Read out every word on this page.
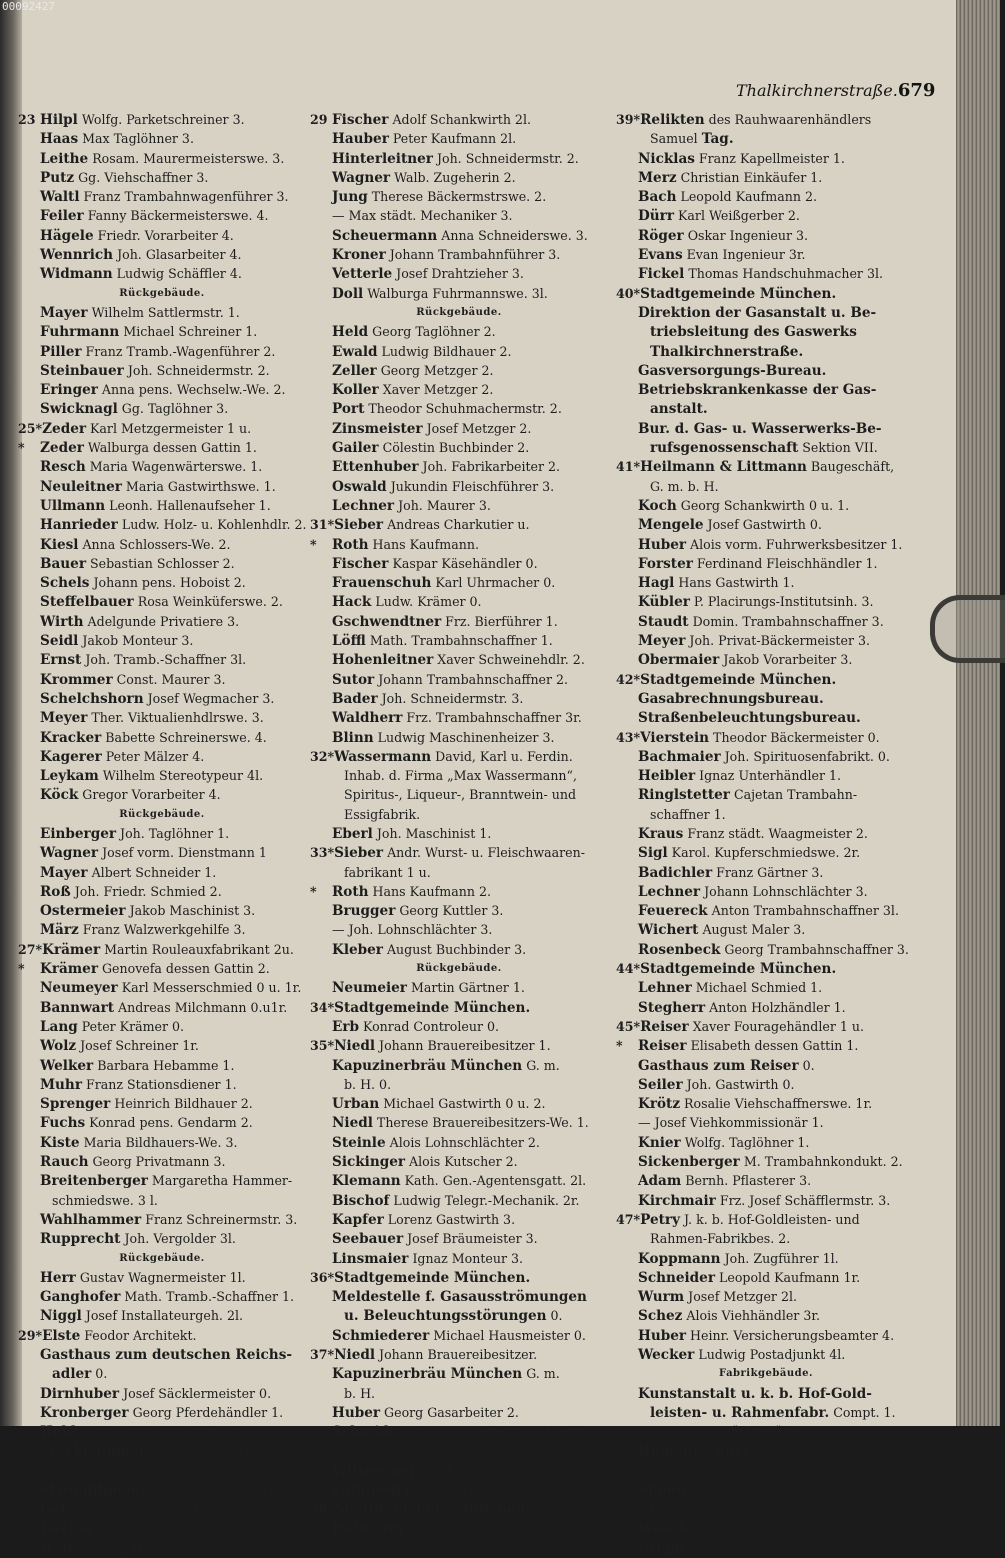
00092427
Thalkirchnerstraße. 679
23 Hilpl Wolfg. Parketschreiner 3.
Haas Max Taglöhner 3.
Leithe Rosam. Maurermeisterswe. 3.
Putz Gg. Viehschaffner 3.
Waltl Franz Trambahnwagenführer 3.
Feiler Fanny Bäckermeisterswe. 4.
Hägele Friedr. Vorarbeiter 4.
Wennrich Joh. Glasarbeiter 4.
Widmann Ludwig Schäffler 4.
Rückgebäude.
Mayer Wilhelm Sattlermstr. 1.
Fuhrmann Michael Schreiner 1.
Piller Franz Tramb.-Wagenführer 2.
Steinbauer Joh. Schneidermstr. 2.
Eringer Anna pens. Wechselw.-We. 2.
Swicknagl Gg. Taglöhner 3.
25*Zeder Karl Metzgermeister 1 u.
* Zeder Walburga dessen Gattin 1.
Resch Maria Wagenwärterswe. 1.
Neuleitner Maria Gastwirthswe. 1.
Ullmann Leonh. Hallenaufseher 1.
Hanrieder Ludw. Holz- u. Kohlenhdlr. 2.
Kiesl Anna Schlossers-We. 2.
Bauer Sebastian Schlosser 2.
Schels Johann pens. Hoboist 2.
Steffelbauer Rosa Weinküferswe. 2.
Wirth Adelgunde Privatiere 3.
Seidl Jakob Monteur 3.
Ernst Joh. Tramb.-Schaffner 3l.
Krommer Const. Maurer 3.
Schelchshorn Josef Wegmacher 3.
Meyer Ther. Viktualienhdlrswe. 3.
Kracker Babette Schreinerswe. 4.
Kagerer Peter Mälzer 4.
Leykam Wilhelm Stereotypeur 4l.
Köck Gregor Vorarbeiter 4.
Rückgebäude.
Einberger Joh. Taglöhner 1.
Wagner Josef vorm. Dienstmann 1
Mayer Albert Schneider 1.
Roß Joh. Friedr. Schmied 2.
Ostermeier Jakob Maschinist 3.
März Franz Walzwerkgehilfe 3.
27*Krämer Martin Rouleauxfabrikant 2u.
* Krämer Genovefa dessen Gattin 2.
Neumeyer Karl Messerschmied 0 u. 1r.
Bannwart Andreas Milchmann 0.u1r.
Lang Peter Krämer 0.
Wolz Josef Schreiner 1r.
Welker Barbara Hebamme 1.
Muhr Franz Stationsdiener 1.
Sprenger Heinrich Bildhauer 2.
Fuchs Konrad pens. Gendarm 2.
Kiste Maria Bildhauers-We. 3.
Rauch Georg Privatmann 3.
Breitenberger Margaretha Hammer-
schmiedswe. 3 l.
Wahlhammer Franz Schreinermstr. 3.
Rupprecht Joh. Vergolder 3l.
Rückgebäude.
Herr Gustav Wagnermeister 1l.
Ganghofer Math. Tramb.-Schaffner 1.
Niggl Josef Installateurgeh. 2l.
29*Elste Feodor Architekt.
Gasthaus zum deutschen Reichs-
adler 0.
Dirnhuber Josef Säcklermeister 0.
Kronberger Georg Pferdehändler 1.
Held Josef Geschäftsreisender 1.
Stockhammer Jos. Monteur 1.
— Rosa Corsettenmacherin 1.
Strumpfmeier Joh. Dienstmann 1.
Geis Johann Schlosser 1.
Bäcker Karl Kupferschmied 2.
Hafe Ludwig Handschuhmacher 2.
29 Fischer Adolf Schankwirth 2l.
Hauber Peter Kaufmann 2l.
Hinterleitner Joh. Schneidermstr. 2.
Wagner Walb. Zugeherin 2.
Jung Therese Bäckermstrswe. 2.
— Max städt. Mechaniker 3.
Scheuermann Anna Schneiderswe. 3.
Kroner Johann Trambahnführer 3.
Vetterle Josef Drahtzieher 3.
Doll Walburga Fuhrmannswe. 3l.
Rückgebäude.
Held Georg Taglöhner 2.
Ewald Ludwig Bildhauer 2.
Zeller Georg Metzger 2.
Koller Xaver Metzger 2.
Port Theodor Schuhmachermstr. 2.
Zinsmeister Josef Metzger 2.
Gailer Cölestin Buchbinder 2.
Ettenhuber Joh. Fabrikarbeiter 2.
Oswald Jukundin Fleischführer 3.
Lechner Joh. Maurer 3.
31*Sieber Andreas Charkutier u.
* Roth Hans Kaufmann.
Fischer Kaspar Käsehändler 0.
Frauenschuh Karl Uhrmacher 0.
Hack Ludw. Krämer 0.
Gschwendtner Frz. Bierführer 1.
Löffl Math. Trambahnschaffner 1.
Hohenleitner Xaver Schweinehdlr. 2.
Sutor Johann Trambahnschaffner 2.
Bader Joh. Schneidermstr. 3.
Waldherr Frz. Trambahnschaffner 3r.
Blinn Ludwig Maschinenheizer 3.
32*Wassermann David, Karl u. Ferdin.
Inhab. d. Firma „Max Wassermann“,
Spiritus-, Liqueur-, Branntwein- und
Essigfabrik.
Eberl Joh. Maschinist 1.
33*Sieber Andr. Wurst- u. Fleischwaaren-
fabrikant 1 u.
* Roth Hans Kaufmann 2.
Brugger Georg Kuttler 3.
— Joh. Lohnschlächter 3.
Kleber August Buchbinder 3.
Rückgebäude.
Neumeier Martin Gärtner 1.
34*Stadtgemeinde München.
Erb Konrad Controleur 0.
35*Niedl Johann Brauereibesitzer 1.
Kapuzinerbräu München G. m.
b. H. 0.
Urban Michael Gastwirth 0 u. 2.
Niedl Therese Brauereibesitzers-We. 1.
Steinle Alois Lohnschlächter 2.
Sickinger Alois Kutscher 2.
Klemann Kath. Gen.-Agentensgatt. 2l.
Bischof Ludwig Telegr.-Mechanik. 2r.
Kapfer Lorenz Gastwirth 3.
Seebauer Josef Bräumeister 3.
Linsmaier Ignaz Monteur 3.
36*Stadtgemeinde München.
Meldestelle f. Gasausströmungen
u. Beleuchtungsstörungen 0.
Schmiederer Michael Hausmeister 0.
37*Niedl Johann Brauereibesitzer.
Kapuzinerbräu München G. m.
b. H.
Huber Georg Gasarbeiter 2.
Schmidt Joh. Zolldeklarant a.k. Haupt-
zollamt München 2r.
Wilsperger Jos. Lohnschlächter 2.
Zahnweh Jos. Lagerhausarb. 2.
38*Stadtgemeinde München
Hofmann Max Oberingenieur 0.
39*Relikten des Rauhwaarenhändlers
Samuel Tag.
Nicklas Franz Kapellmeister 1.
Merz Christian Einkäufer 1.
Bach Leopold Kaufmann 2.
Dürr Karl Weißgerber 2.
Röger Oskar Ingenieur 3.
Evans Evan Ingenieur 3r.
Fickel Thomas Handschuhmacher 3l.
40*Stadtgemeinde München.
Direktion der Gasanstalt u. Be-
triebsleitung des Gaswerks
Thalkirchnerstraße.
Gasversorgungs-Bureau.
Betriebskrankenkasse der Gas-
anstalt.
Bur. d. Gas- u. Wasserwerks-Be-
rufsgenossenschaft Sektion VII.
41*Heilmann & Littmann Baugeschäft,
G. m. b. H.
Koch Georg Schankwirth 0 u. 1.
Mengele Josef Gastwirth 0.
Huber Alois vorm. Fuhrwerksbesitzer 1.
Forster Ferdinand Fleischhändler 1.
Hagl Hans Gastwirth 1.
Kübler P. Placirungs-Institutsinh. 3.
Staudt Domin. Trambahnschaffner 3.
Meyer Joh. Privat-Bäckermeister 3.
Obermaier Jakob Vorarbeiter 3.
42*Stadtgemeinde München.
Gasabrechnungsbureau.
Straßenbeleuchtungsbureau.
43*Vierstein Theodor Bäckermeister 0.
Bachmaier Joh. Spirituosenfabrikt. 0.
Heibler Ignaz Unterhändler 1.
Ringlstetter Cajetan Trambahn-
schaffner 1.
Kraus Franz städt. Waagmeister 2.
Sigl Karol. Kupferschmiedswe. 2r.
Badichler Franz Gärtner 3.
Lechner Johann Lohnschlächter 3.
Feuereck Anton Trambahnschaffner 3l.
Wichert August Maler 3.
Rosenbeck Georg Trambahnschaffner 3.
44*Stadtgemeinde München.
Lehner Michael Schmied 1.
Stegherr Anton Holzhändler 1.
45*Reiser Xaver Fouragehändler 1 u.
* Reiser Elisabeth dessen Gattin 1.
Gasthaus zum Reiser 0.
Seiler Joh. Gastwirth 0.
Krötz Rosalie Viehschaffnerswe. 1r.
— Josef Viehkommissionär 1.
Knier Wolfg. Taglöhner 1.
Sickenberger M. Trambahnkondukt. 2.
Adam Bernh. Pflasterer 3.
Kirchmair Frz. Josef Schäfflermstr. 3.
47*Petry J. k. b. Hof-Goldleisten- und
Rahmen-Fabrikbes. 2.
Koppmann Joh. Zugführer 1l.
Schneider Leopold Kaufmann 1r.
Wurm Josef Metzger 2l.
Schez Alois Viehhändler 3r.
Huber Heinr. Versicherungsbeamter 4.
Wecker Ludwig Postadjunkt 4l.
Fabrikgebäude.
Kunstanstalt u. k. b. Hof-Gold-
leisten- u. Rahmenfabr. Compt. 1.
Rückgebäude.
Heigenlechner Josef Kaufmann 1.
— Josef appr. Thierarzt 1.
Simon Franz Messerschmied u. Feilen-
hauermeister 1.
Woock Xaver Werkmeister 3.
Gropp Kath. Konduktcurswe. 3r.
